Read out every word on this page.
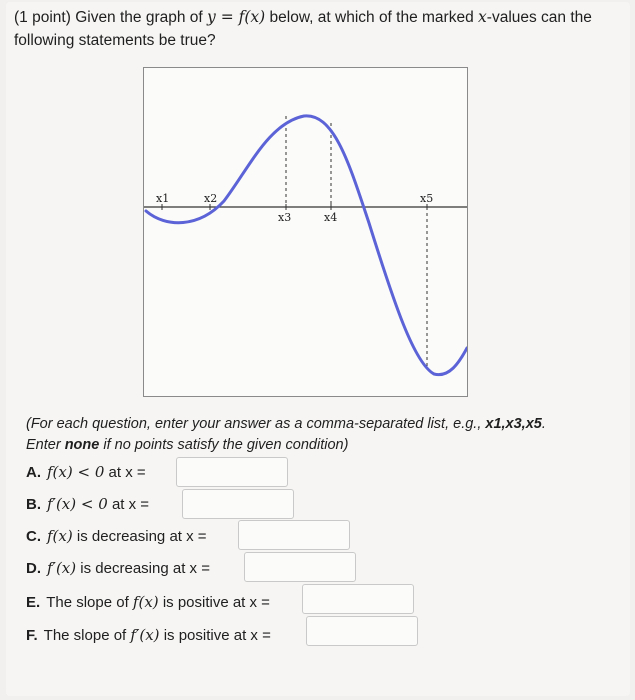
(1 point) Given the graph of y = f(x) below, at which of the marked x-values can the following statements be true?
x1	x2
x3	x4
x5
(For each question, enter your answer as a comma-separated list, e.g., x1,x3,x5.
Enter none if no points satisfy the given condition)
A. f(x) < 0
at x =
B. f′(x) < 0
at x =
C. f(x)
is decreasing at x =
D. f′(x)
is decreasing at x =
E. The slope of
f(x)
is positive at x =
F. The slope of
f′(x)
is positive at x =
